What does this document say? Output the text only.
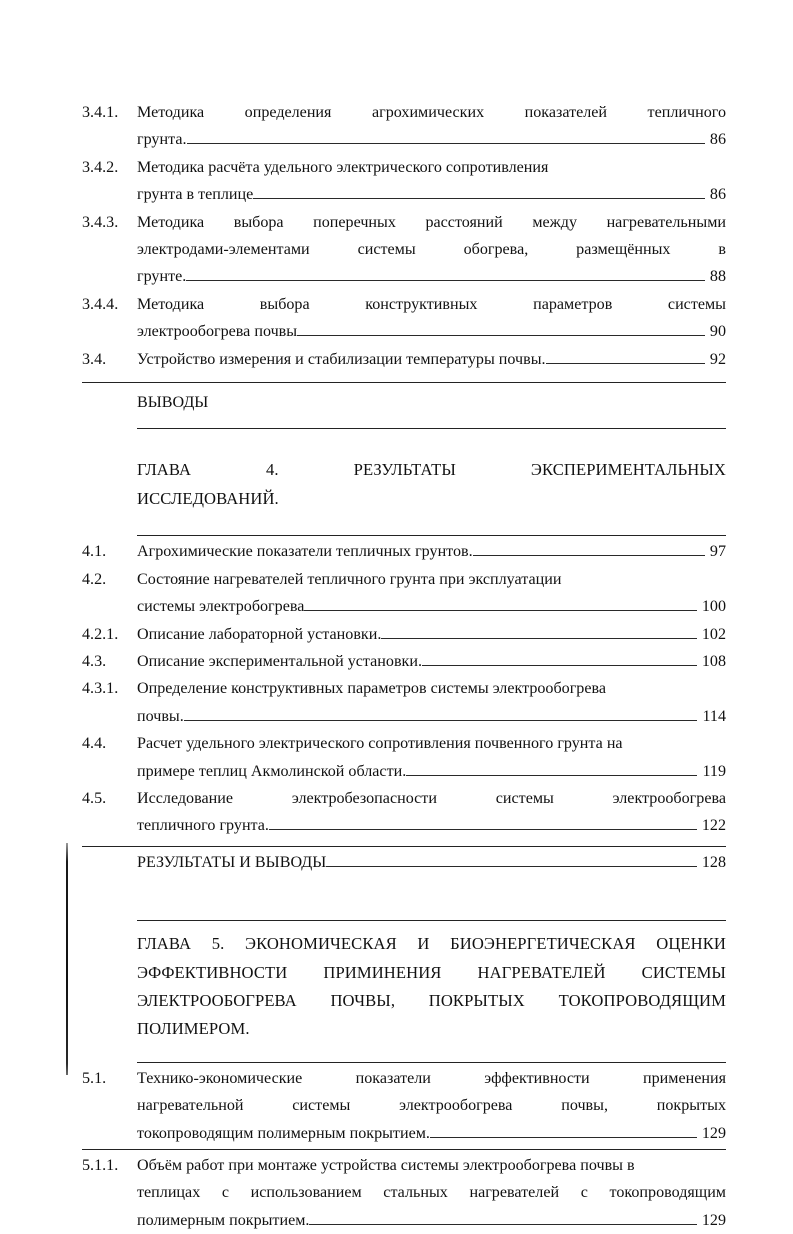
3.4.1.	Методика определения агрохимических показателей тепличного
грунта.	86
3.4.2.	Методика расчёта удельного электрического сопротивления
грунта в теплице	86
3.4.3.	Методика выбора поперечных расстояний между нагревательными
электродами-элементами системы обогрева, размещённых в
грунте.	88
3.4.4.	Методика выбора конструктивных параметров системы
электрообогрева почвы	90
3.4.	Устройство измерения и стабилизации температуры почвы.	92
ВЫВОДЫ
ГЛАВА 4. РЕЗУЛЬТАТЫ ЭКСПЕРИМЕНТАЛЬНЫХ
ИССЛЕДОВАНИЙ.
4.1.	Агрохимические показатели тепличных грунтов.	97
4.2.	Состояние нагревателей тепличного грунта при эксплуатации
системы электробогрева	100
4.2.1.	Описание лабораторной установки.	102
4.3.	Описание экспериментальной установки.	108
4.3.1.	Определение конструктивных параметров системы электрообогрева
почвы.	114
4.4.	Расчет удельного электрического сопротивления почвенного грунта на
примере теплиц Акмолинской области.	119
4.5.	Исследование электробезопасности системы электрообогрева
тепличного грунта.	122
РЕЗУЛЬТАТЫ И ВЫВОДЫ	128
ГЛАВА 5. ЭКОНОМИЧЕСКАЯ И БИОЭНЕРГЕТИЧЕСКАЯ ОЦЕНКИ
ЭФФЕКТИВНОСТИ ПРИМИНЕНИЯ НАГРЕВАТЕЛЕЙ СИСТЕМЫ
ЭЛЕКТРООБОГРЕВА ПОЧВЫ, ПОКРЫТЫХ ТОКОПРОВОДЯЩИМ
ПОЛИМЕРОМ.
5.1.	Технико-экономические показатели эффективности применения
нагревательной системы электрообогрева почвы, покрытых
токопроводящим полимерным покрытием.	129
5.1.1.	Объём работ при монтаже устройства системы электрообогрева почвы в
теплицах с использованием стальных нагревателей с токопроводящим
полимерным покрытием.	129
